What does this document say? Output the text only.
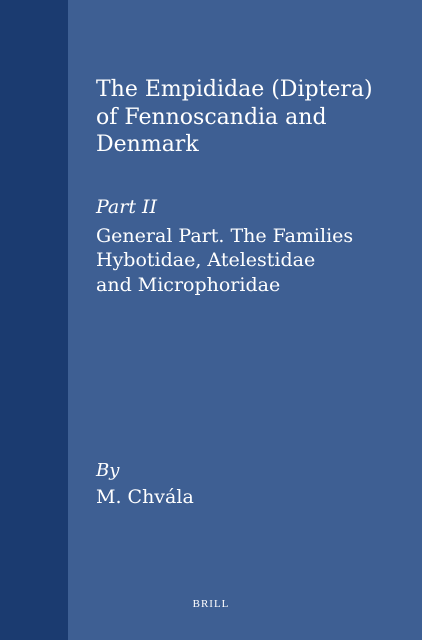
The Empididae (Diptera)
of Fennoscandia and
Denmark
Part II
General Part. The Families
Hybotidae, Atelestidae
and Microphoridae
By
M. Chvála
BRILL
